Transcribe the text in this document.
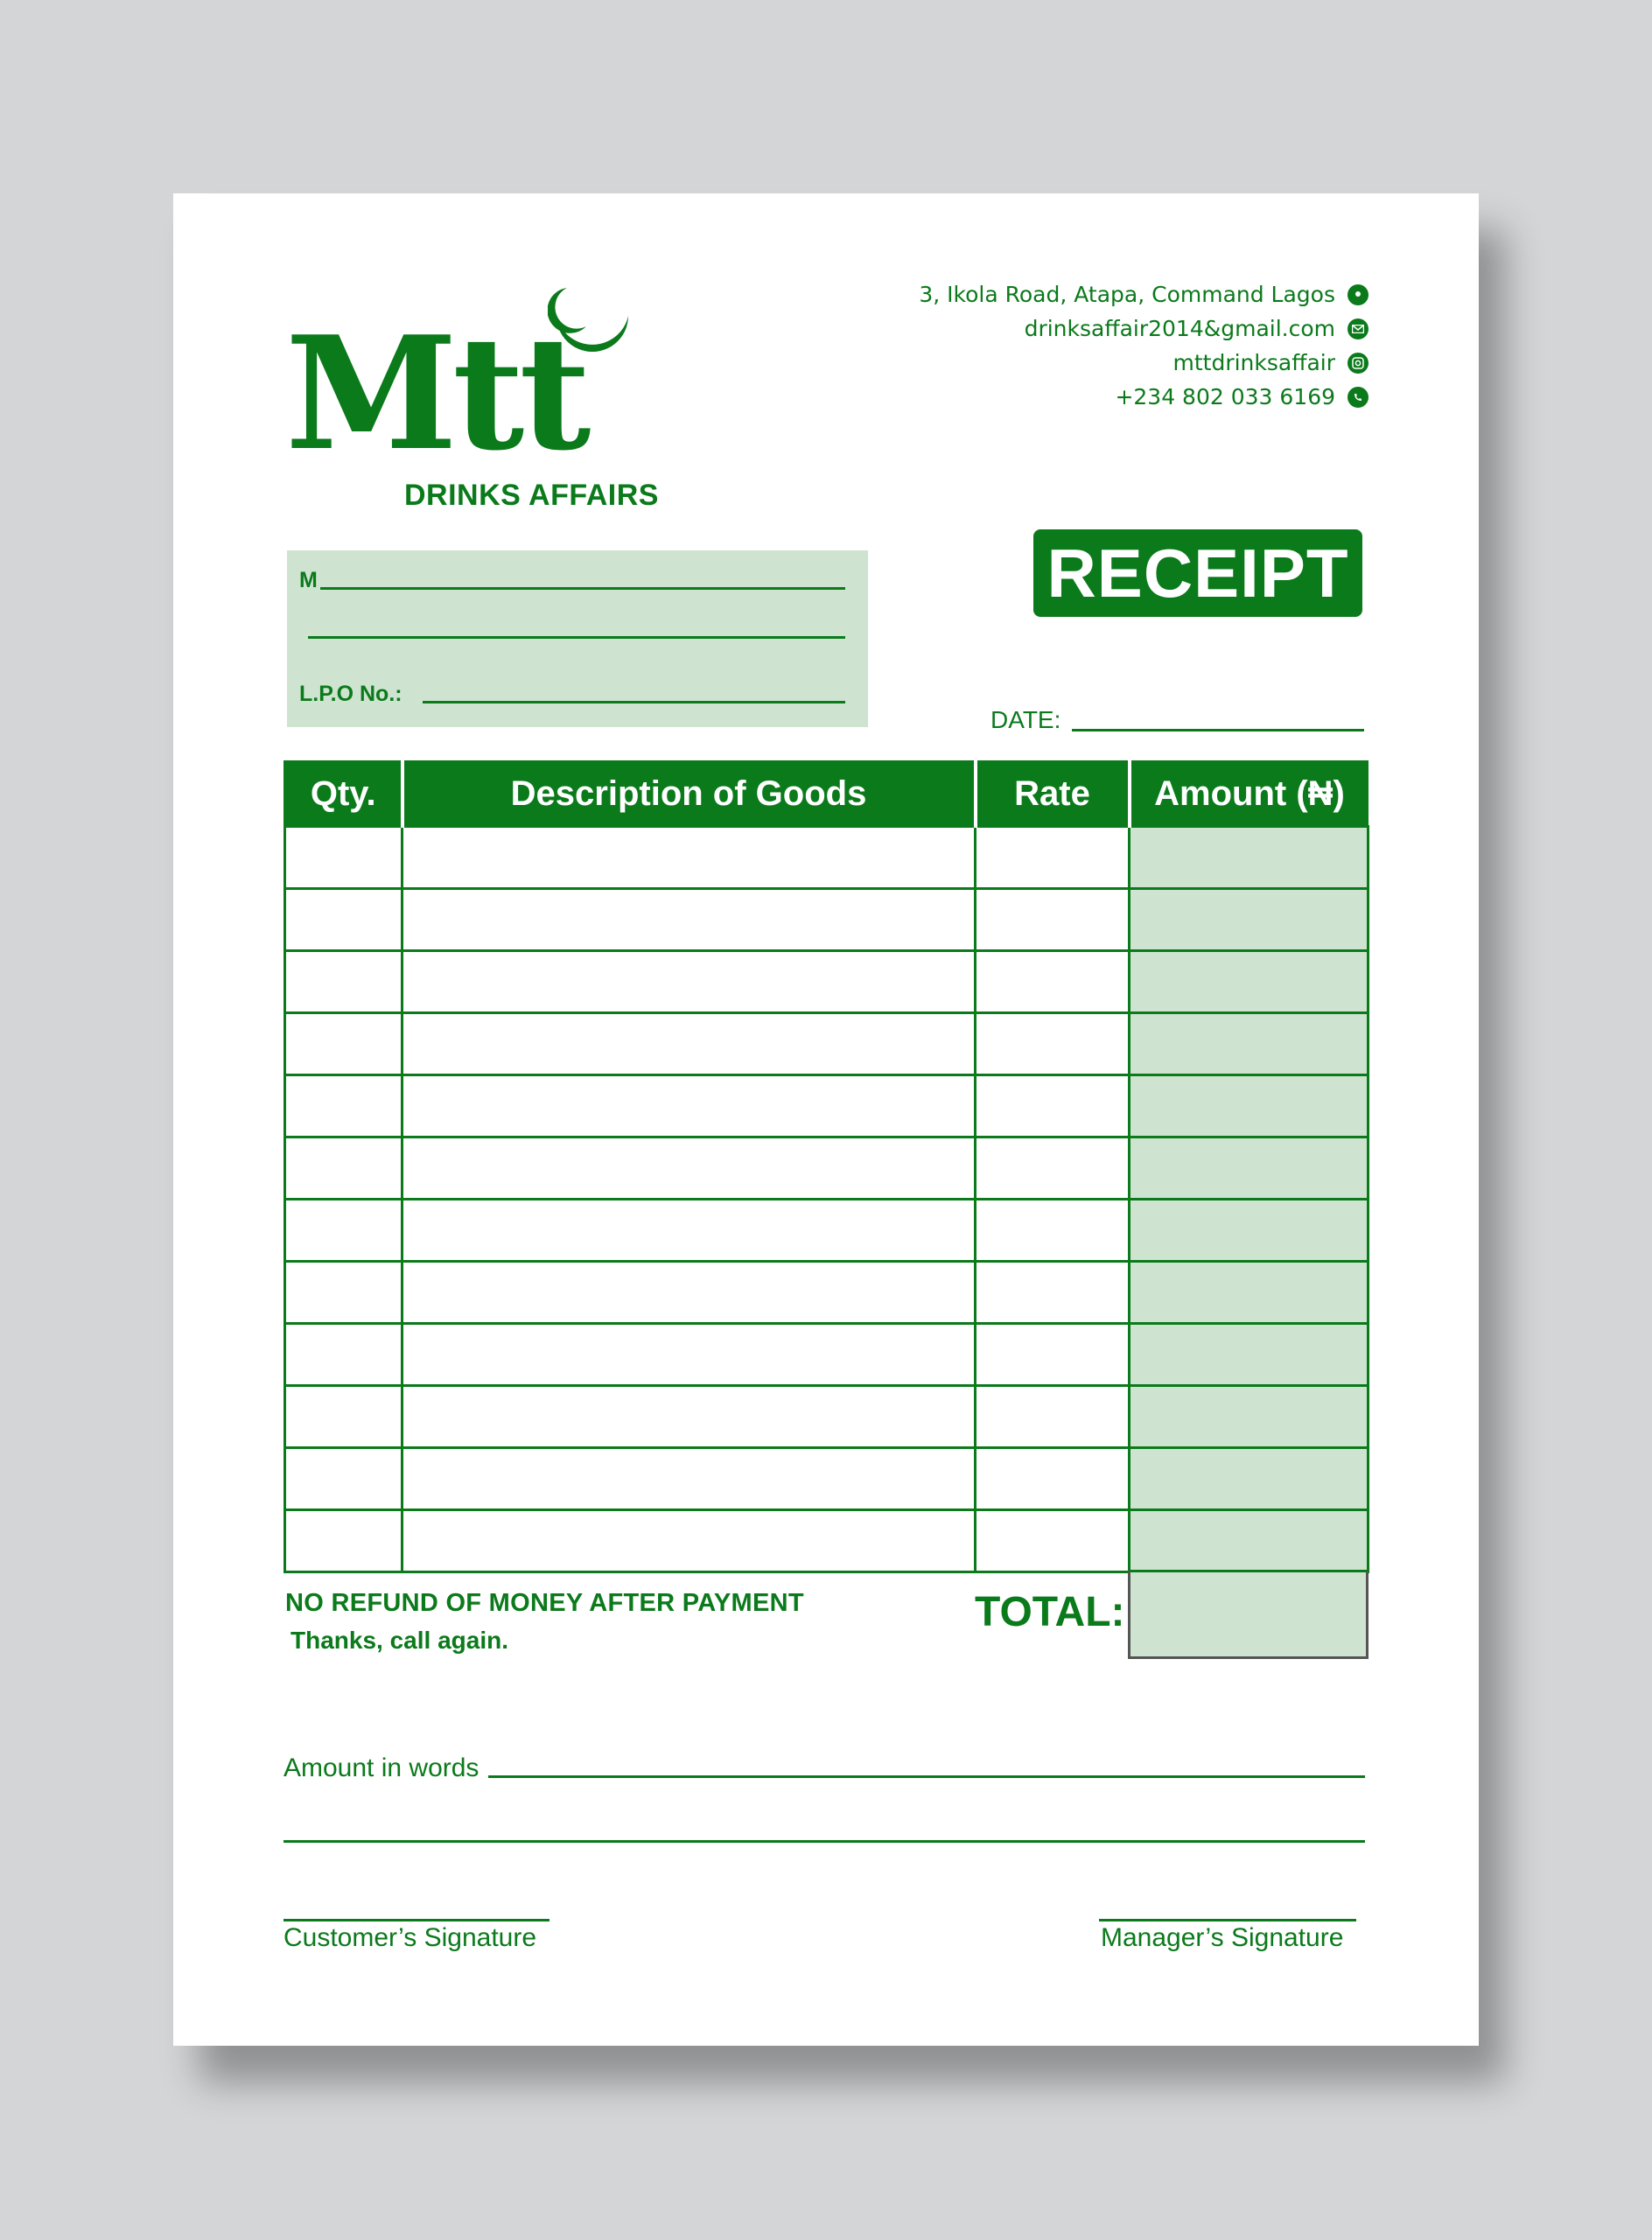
Mtt
DRINKS AFFAIRS
3, Ikola Road, Atapa, Command Lagos
drinksaffair2014&gmail.com
mttdrinksaffair
+234 802 033 6169
RECEIPT
M
L.P.O No.:
DATE:
Qty.	Description of Goods	Rate	Amount (₦)

NO REFUND OF MONEY AFTER PAYMENT
Thanks, call again.
TOTAL:
Amount in words
Customer’s Signature	Manager’s Signature
